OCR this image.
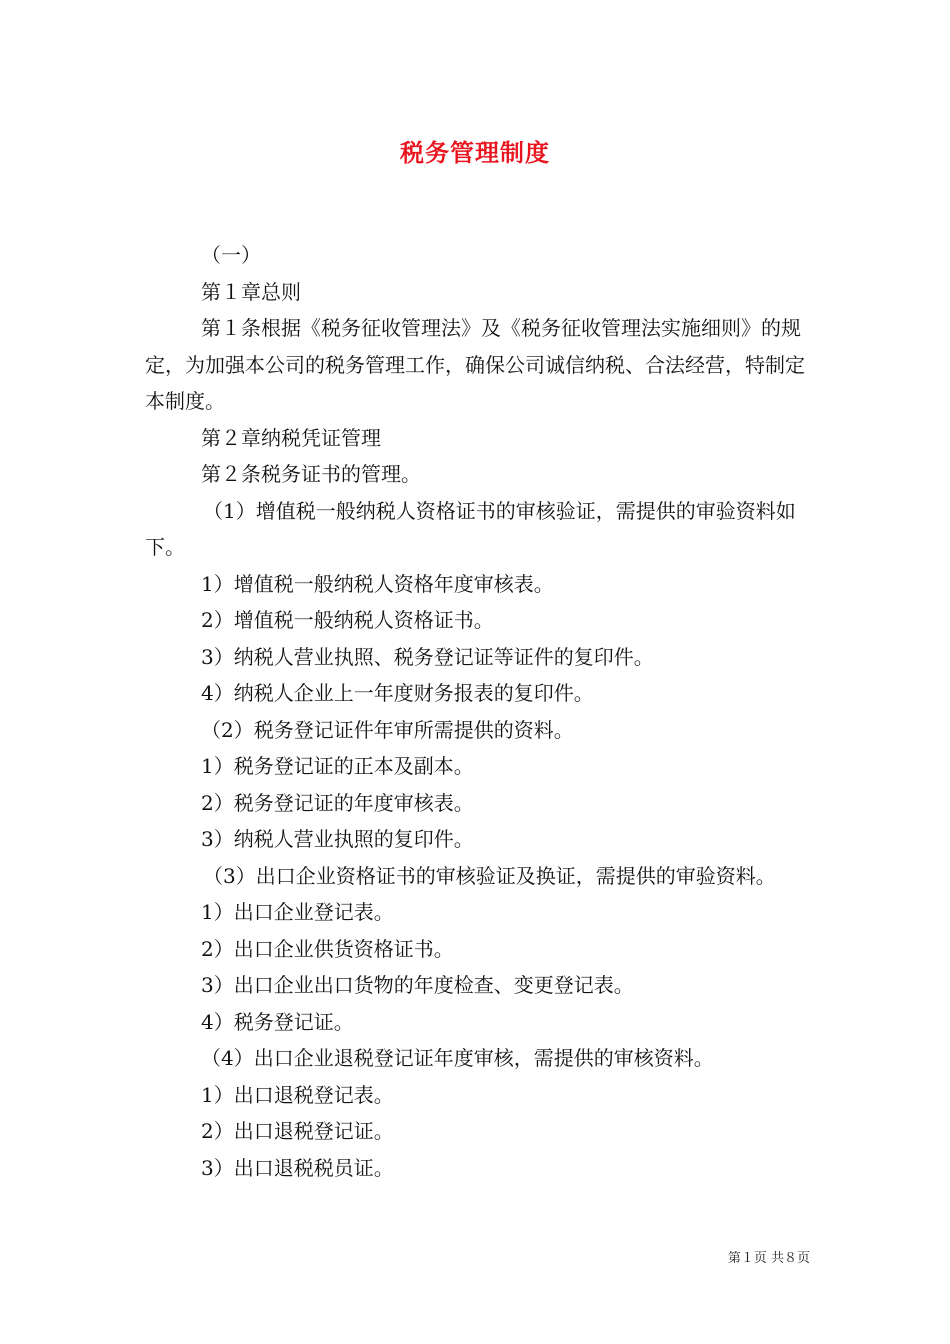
税务管理制度

（一）

第１章总则

第１条根据《税务征收管理法》及《税务征收管理法实施细则》的规定，为加强本公司的税务管理工作，确保公司诚信纳税、合法经营，特制定本制度。

第２章纳税凭证管理

第２条税务证书的管理。

（1）增值税一般纳税人资格证书的审核验证，需提供的审验资料如下。

1）增值税一般纳税人资格年度审核表。

2）增值税一般纳税人资格证书。

3）纳税人营业执照、税务登记证等证件的复印件。

4）纳税人企业上一年度财务报表的复印件。

（2）税务登记证件年审所需提供的资料。

1）税务登记证的正本及副本。

2）税务登记证的年度审核表。

3）纳税人营业执照的复印件。

（3）出口企业资格证书的审核验证及换证，需提供的审验资料。

1）出口企业登记表。

2）出口企业供货资格证书。

3）出口企业出口货物的年度检查、变更登记表。

4）税务登记证。

（4）出口企业退税登记证年度审核，需提供的审核资料。

1）出口退税登记表。

2）出口退税登记证。

3）出口退税税员证。

第１页 共８页
